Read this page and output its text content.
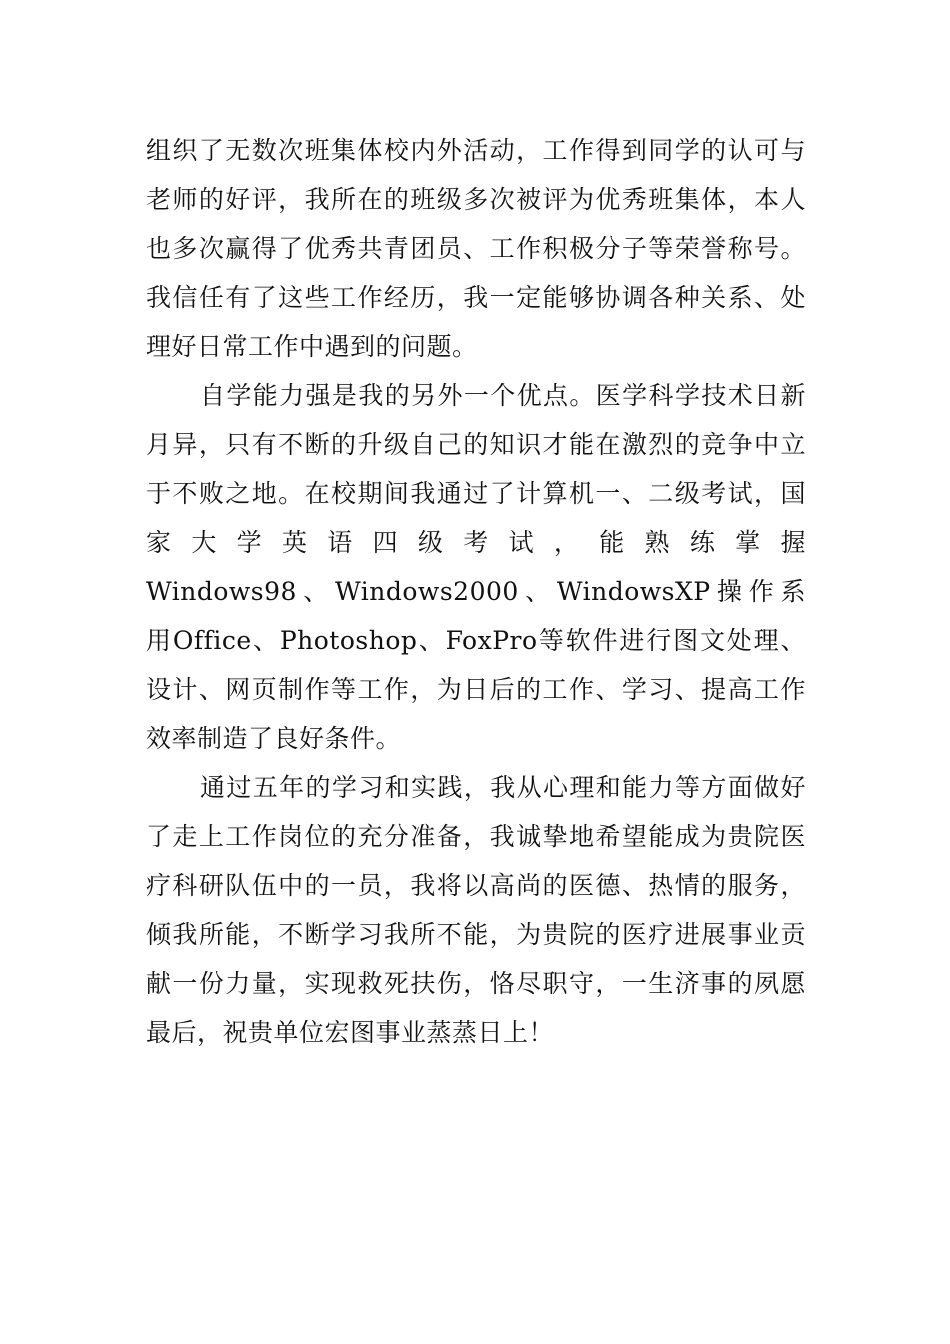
组织了无数次班集体校内外活动，工作得到同学的认可与
老师的好评，我所在的班级多次被评为优秀班集体，本人
也多次赢得了优秀共青团员、工作积极分子等荣誉称号。
我信任有了这些工作经历，我一定能够协调各种关系、处
理好日常工作中遇到的问题。
自学能力强是我的另外一个优点。医学科学技术日新
月异，只有不断的升级自己的知识才能在激烈的竞争中立
于不败之地。在校期间我通过了计算机一、二级考试，国
家 大 学 英 语 四 级 考 试 ， 能 熟 练 掌 握
Windows98、Windows2000、WindowsXP操作系
用Office、Photoshop、FoxPro等软件进行图文处理、
设计、网页制作等工作，为日后的工作、学习、提高工作
效率制造了良好条件。
通过五年的学习和实践，我从心理和能力等方面做好
了走上工作岗位的充分准备，我诚挚地希望能成为贵院医
疗科研队伍中的一员，我将以高尚的医德、热情的服务，
倾我所能，不断学习我所不能，为贵院的医疗进展事业贡
献一份力量，实现救死扶伤，恪尽职守，一生济事的夙愿
最后，祝贵单位宏图事业蒸蒸日上！
